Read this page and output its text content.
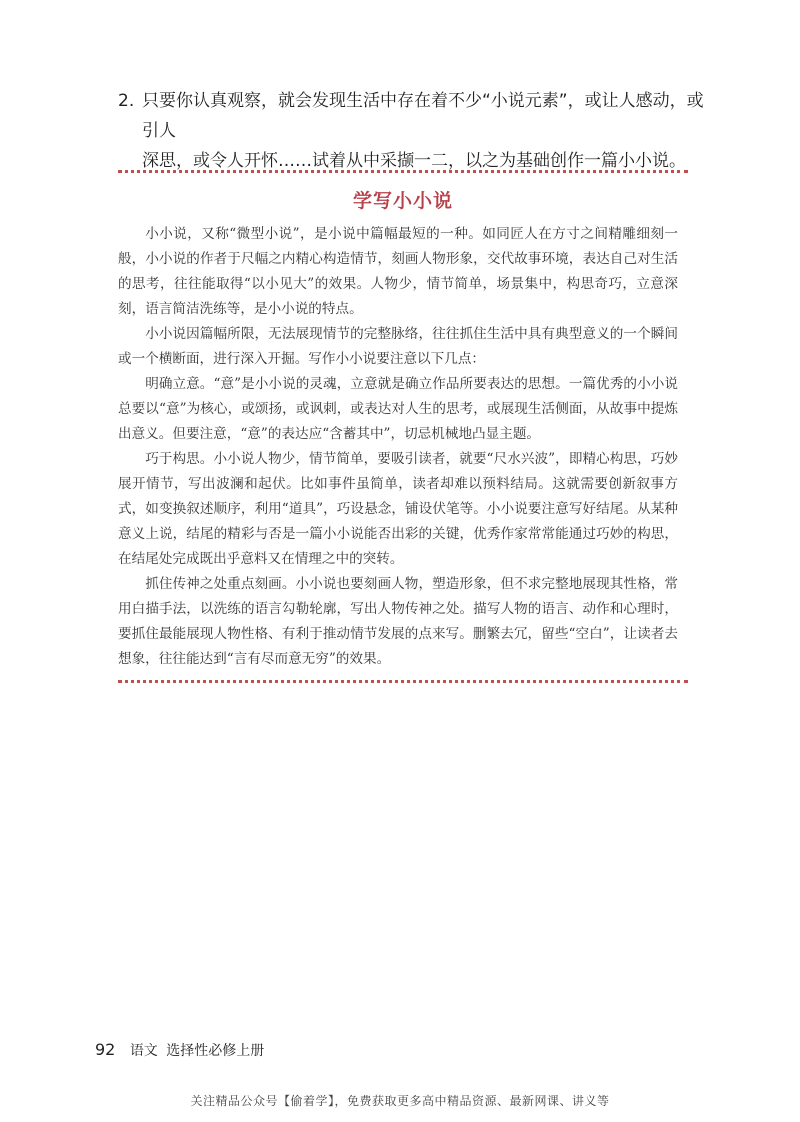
2. 只要你认真观察，就会发现生活中存在着不少“小说元素”，或让人感动，或引人

深思，或令人开怀……试着从中采撷一二，以之为基础创作一篇小小说。

学写小小说

小小说，又称“微型小说”，是小说中篇幅最短的一种。如同匠人在方寸之间精雕细刻一般，小小说的作者于尺幅之内精心构造情节，刻画人物形象，交代故事环境，表达自己对生活的思考，往往能取得“以小见大”的效果。人物少，情节简单，场景集中，构思奇巧，立意深刻，语言简洁洗练等，是小小说的特点。

小小说因篇幅所限，无法展现情节的完整脉络，往往抓住生活中具有典型意义的一个瞬间或一个横断面，进行深入开掘。写作小小说要注意以下几点：

明确立意。“意”是小小说的灵魂，立意就是确立作品所要表达的思想。一篇优秀的小小说总要以“意”为核心，或颂扬，或讽刺，或表达对人生的思考，或展现生活侧面，从故事中提炼出意义。但要注意，“意”的表达应“含蓄其中”，切忌机械地凸显主题。

巧于构思。小小说人物少，情节简单，要吸引读者，就要“尺水兴波”，即精心构思，巧妙展开情节，写出波澜和起伏。比如事件虽简单，读者却难以预料结局。这就需要创新叙事方式，如变换叙述顺序，利用“道具”，巧设悬念，铺设伏笔等。小小说要注意写好结尾。从某种意义上说，结尾的精彩与否是一篇小小说能否出彩的关键，优秀作家常常能通过巧妙的构思，在结尾处完成既出乎意料又在情理之中的突转。

抓住传神之处重点刻画。小小说也要刻画人物，塑造形象，但不求完整地展现其性格，常用白描手法，以洗练的语言勾勒轮廓，写出人物传神之处。描写人物的语言、动作和心理时，要抓住最能展现人物性格、有利于推动情节发展的点来写。删繁去冗，留些“空白”，让读者去想象，往往能达到“言有尽而意无穷”的效果。

92 语文 选择性必修上册
关注精品公众号【偷着学】，免费获取更多高中精品资源、最新网课、讲义等
